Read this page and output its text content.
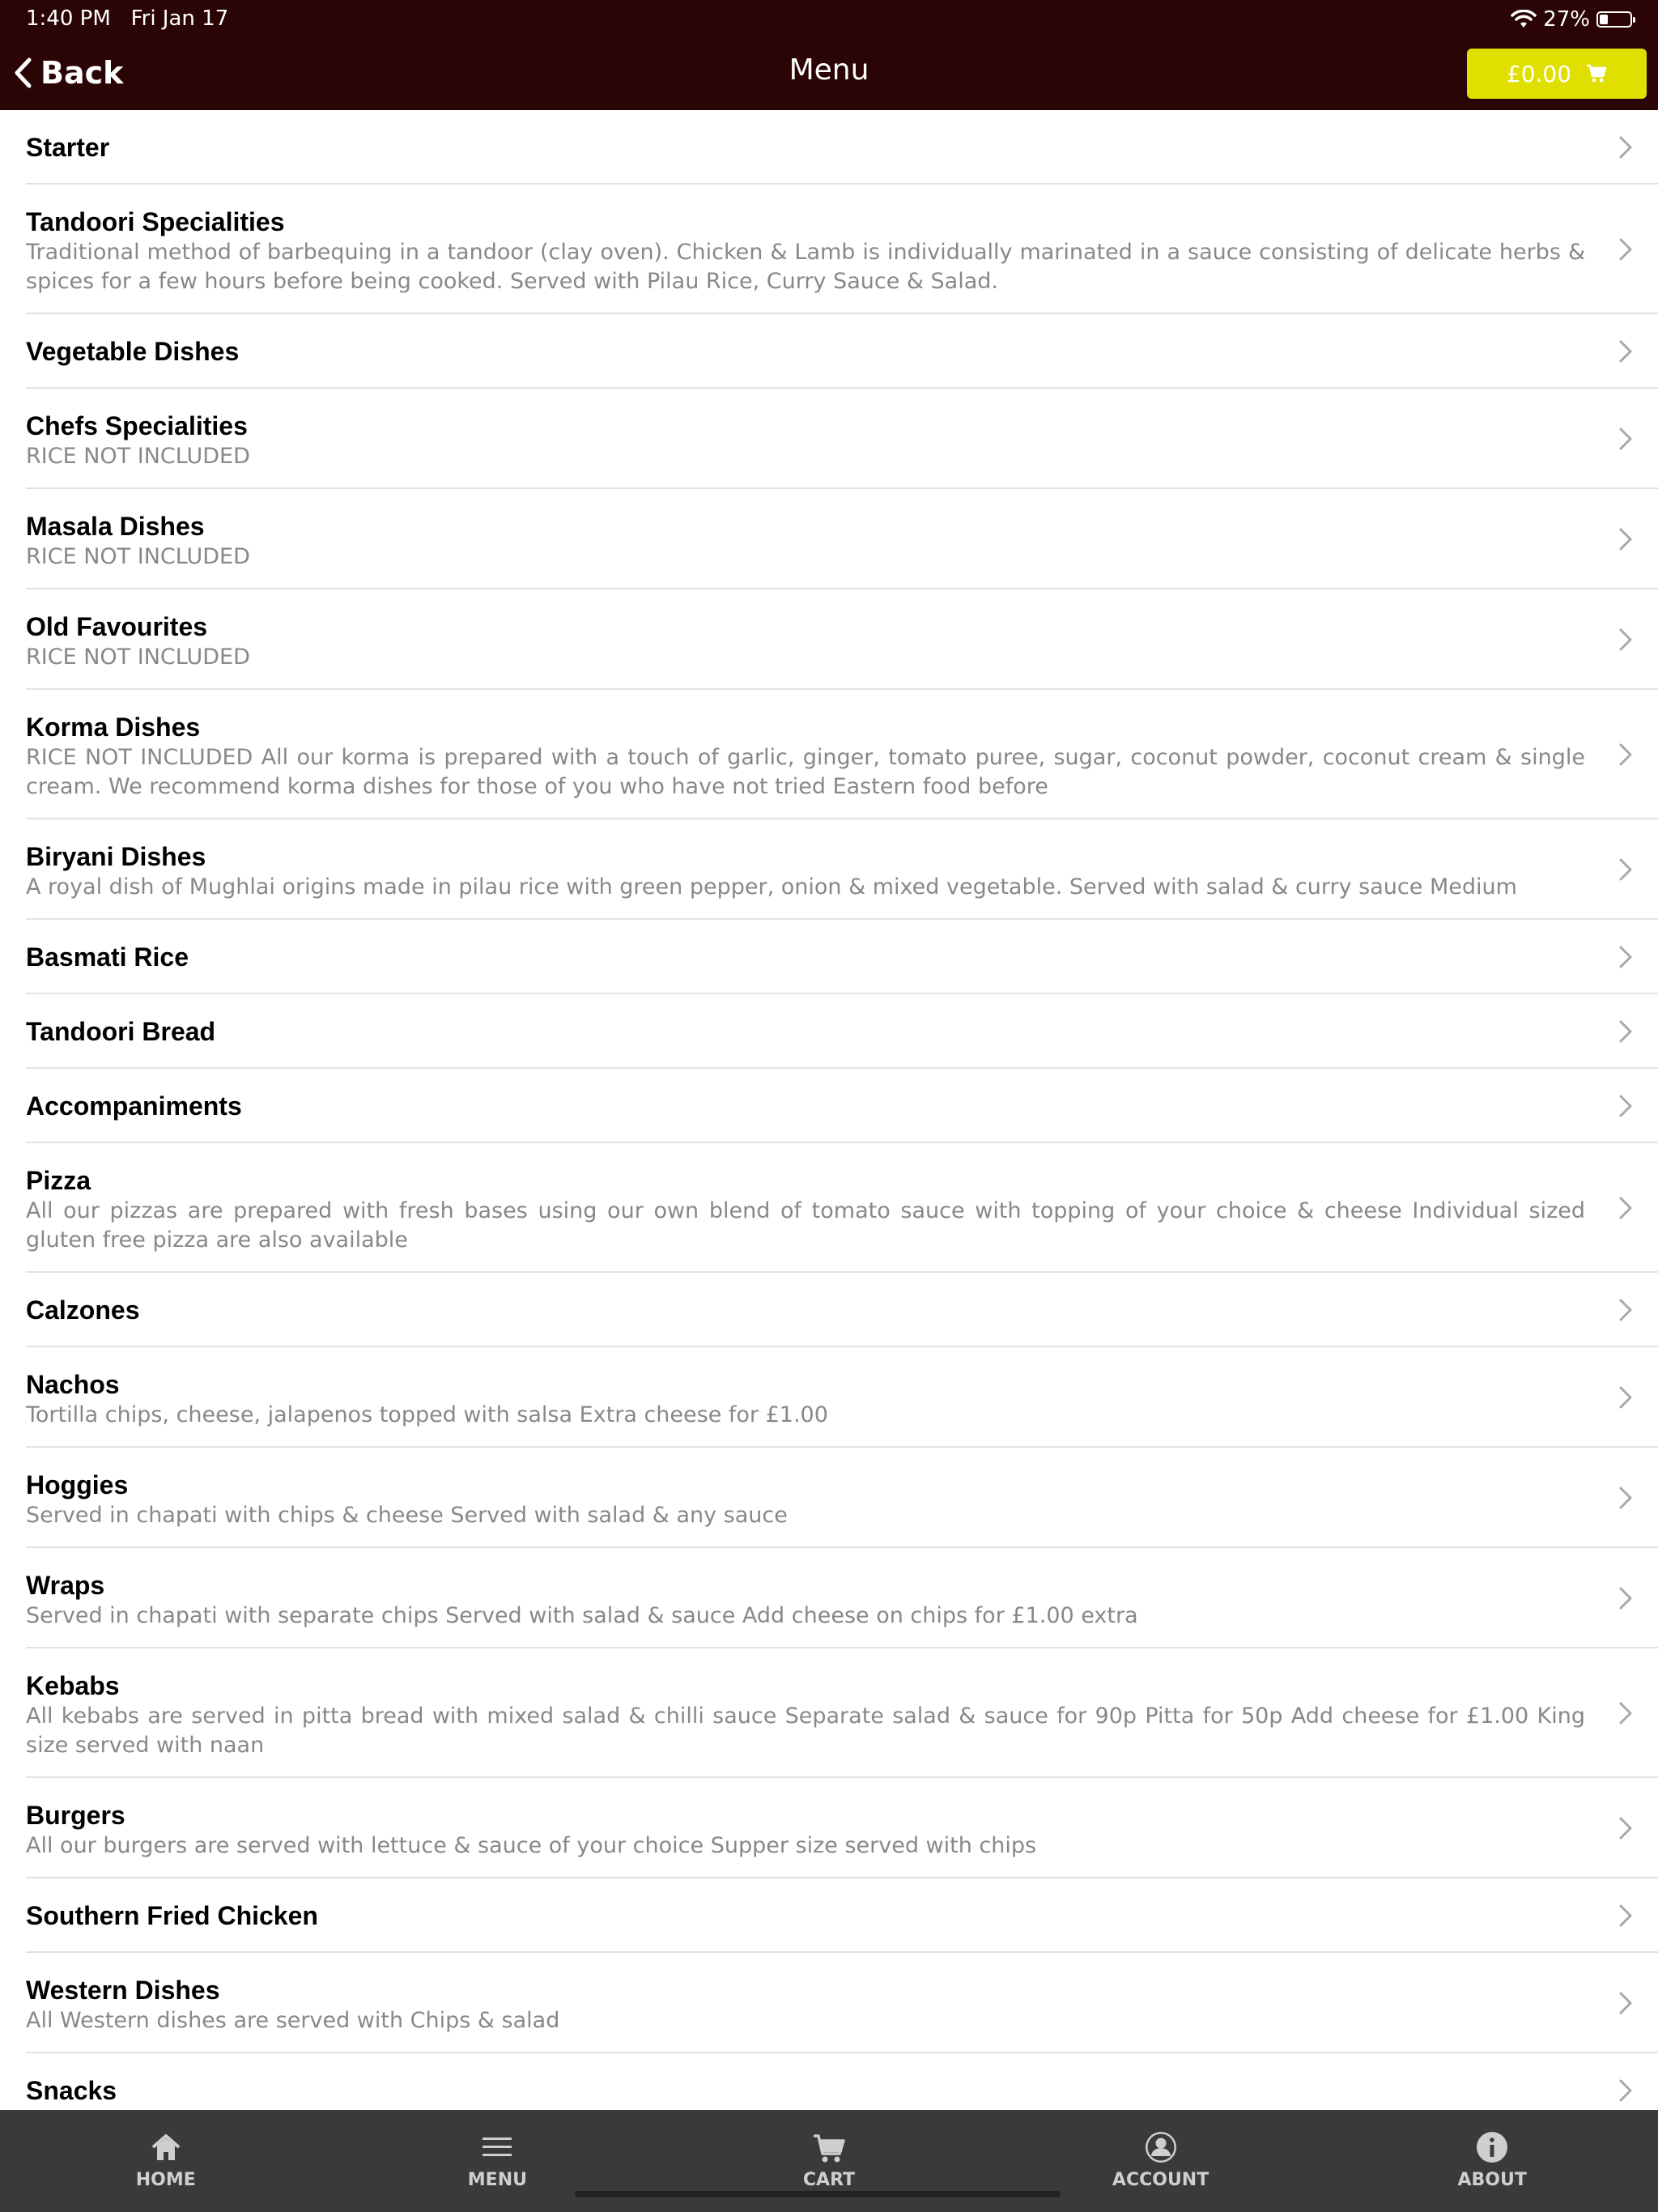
1:40 PM Fri Jan 17	27%
Back	Menu	£0.00
Starter
Tandoori Specialities
Traditional method of barbequing in a tandoor (clay oven). Chicken & Lamb is individually marinated in a sauce consisting of delicate herbs & spices for a few hours before being cooked. Served with Pilau Rice, Curry Sauce & Salad.
Vegetable Dishes
Chefs Specialities
RICE NOT INCLUDED
Masala Dishes
RICE NOT INCLUDED
Old Favourites
RICE NOT INCLUDED
Korma Dishes
RICE NOT INCLUDED All our korma is prepared with a touch of garlic, ginger, tomato puree, sugar, coconut powder, coconut cream & single cream. We recommend korma dishes for those of you who have not tried Eastern food before
Biryani Dishes
A royal dish of Mughlai origins made in pilau rice with green pepper, onion & mixed vegetable. Served with salad & curry sauce Medium
Basmati Rice
Tandoori Bread
Accompaniments
Pizza
All our pizzas are prepared with fresh bases using our own blend of tomato sauce with topping of your choice & cheese Individual sized gluten free pizza are also available
Calzones
Nachos
Tortilla chips, cheese, jalapenos topped with salsa Extra cheese for £1.00
Hoggies
Served in chapati with chips & cheese Served with salad & any sauce
Wraps
Served in chapati with separate chips Served with salad & sauce Add cheese on chips for £1.00 extra
Kebabs
All kebabs are served in pitta bread with mixed salad & chilli sauce Separate salad & sauce for 90p Pitta for 50p Add cheese for £1.00 King size served with naan
Burgers
All our burgers are served with lettuce & sauce of your choice Supper size served with chips
Southern Fried Chicken
Western Dishes
All Western dishes are served with Chips & salad
Snacks
HOME	MENU	CART	ACCOUNT	ABOUT
